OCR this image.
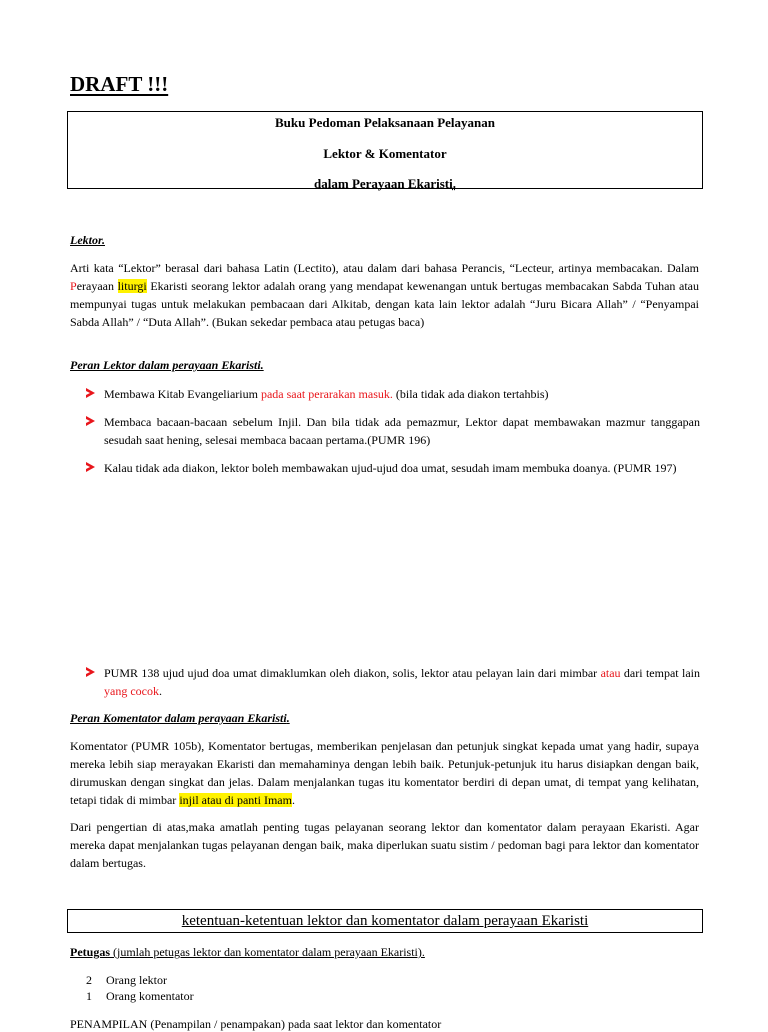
DRAFT !!!
Buku Pedoman Pelaksanaan Pelayanan
Lektor & Komentator
dalam Perayaan Ekaristi.
Lektor.
Arti kata “Lektor” berasal dari bahasa Latin (Lectito), atau dalam dari bahasa Perancis, “Lecteur, artinya membacakan. Dalam Perayaan liturgi Ekaristi seorang lektor adalah orang yang mendapat kewenangan untuk bertugas membacakan Sabda Tuhan atau mempunyai tugas untuk melakukan pembacaan dari Alkitab, dengan kata lain lektor adalah “Juru Bicara Allah” / “Penyampai Sabda Allah” / “Duta Allah”. (Bukan sekedar pembaca atau petugas baca)
Peran Lektor dalam perayaan Ekaristi.
Membawa Kitab Evangeliarium pada saat perarakan masuk. (bila tidak ada diakon tertahbis)
Membaca bacaan-bacaan sebelum Injil. Dan bila tidak ada pemazmur, Lektor dapat membawakan mazmur tanggapan sesudah saat hening, selesai membaca bacaan pertama.(PUMR 196)
Kalau tidak ada diakon, lektor boleh membawakan ujud-ujud doa umat, sesudah imam membuka doanya. (PUMR 197)
PUMR 138 ujud ujud doa umat dimaklumkan oleh diakon, solis, lektor atau pelayan lain dari mimbar atau dari tempat lain yang cocok.
Peran Komentator dalam perayaan Ekaristi.
Komentator (PUMR 105b), Komentator bertugas, memberikan penjelasan dan petunjuk singkat kepada umat yang hadir, supaya mereka lebih siap merayakan Ekaristi dan memahaminya dengan lebih baik. Petunjuk-petunjuk itu harus disiapkan dengan baik, dirumuskan dengan singkat dan jelas. Dalam menjalankan tugas itu komentator berdiri di depan umat, di tempat yang kelihatan, tetapi tidak di mimbar injil atau di panti Imam.
Dari pengertian di atas,maka amatlah penting tugas pelayanan seorang lektor dan komentator dalam perayaan Ekaristi. Agar mereka dapat menjalankan tugas pelayanan dengan baik, maka diperlukan suatu sistim / pedoman bagi para lektor dan komentator dalam bertugas.
ketentuan-ketentuan lektor dan komentator dalam perayaan Ekaristi
Petugas (jumlah petugas lektor dan komentator dalam perayaan Ekaristi).
2 Orang lektor
1 Orang komentator
PENAMPILAN (Penampilan / penampakan) pada saat lektor dan komentator
